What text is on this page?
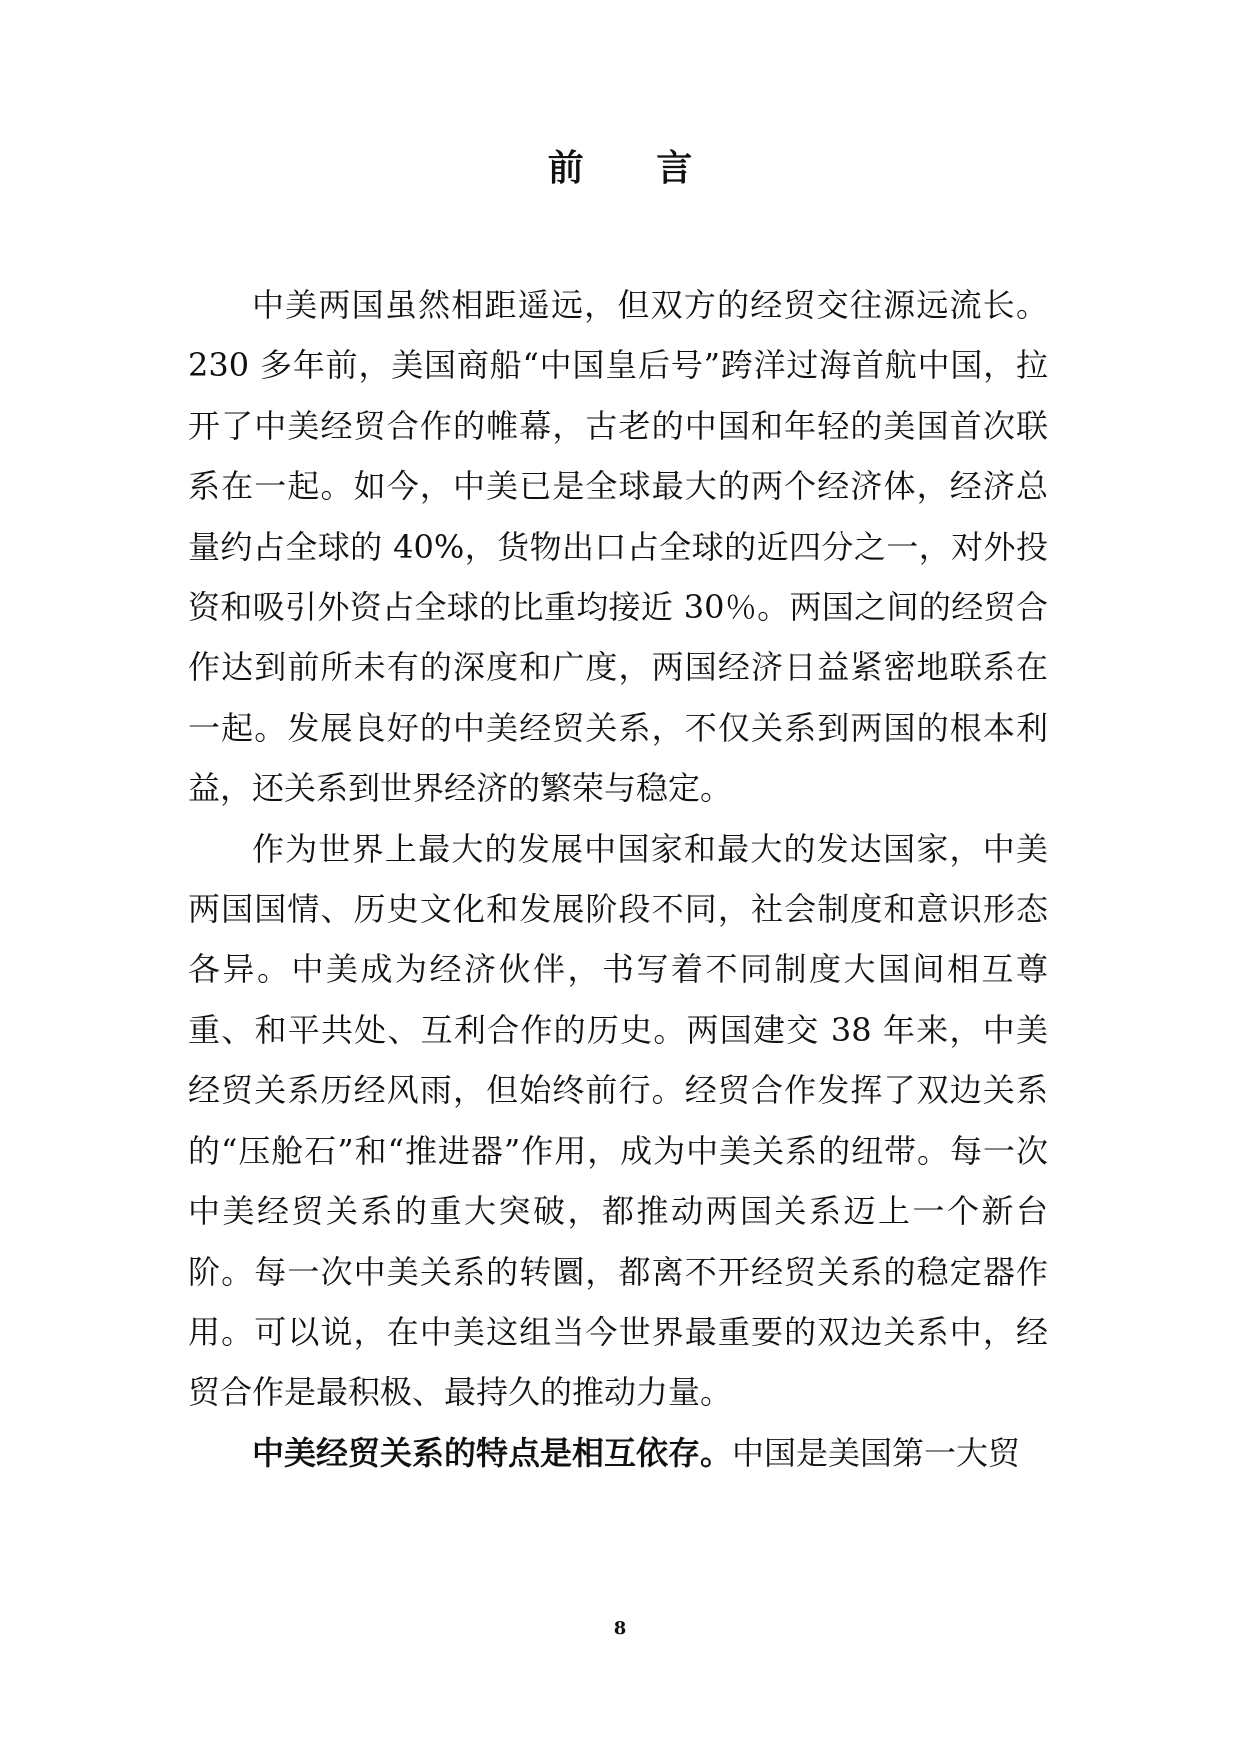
前 言

中美两国虽然相距遥远，但双方的经贸交往源远流长。230 多年前，美国商船“中国皇后号”跨洋过海首航中国，拉开了中美经贸合作的帷幕，古老的中国和年轻的美国首次联系在一起。如今，中美已是全球最大的两个经济体，经济总量约占全球的 40%，货物出口占全球的近四分之一，对外投资和吸引外资占全球的比重均接近 30％。两国之间的经贸合作达到前所未有的深度和广度，两国经济日益紧密地联系在一起。发展良好的中美经贸关系，不仅关系到两国的根本利益，还关系到世界经济的繁荣与稳定。

作为世界上最大的发展中国家和最大的发达国家，中美两国国情、历史文化和发展阶段不同，社会制度和意识形态各异。中美成为经济伙伴，书写着不同制度大国间相互尊重、和平共处、互利合作的历史。两国建交 38 年来，中美经贸关系历经风雨，但始终前行。经贸合作发挥了双边关系的“压舱石”和“推进器”作用，成为中美关系的纽带。每一次中美经贸关系的重大突破，都推动两国关系迈上一个新台阶。每一次中美关系的转圜，都离不开经贸关系的稳定器作用。可以说，在中美这组当今世界最重要的双边关系中，经贸合作是最积极、最持久的推动力量。

中美经贸关系的特点是相互依存。中国是美国第一大贸

8
